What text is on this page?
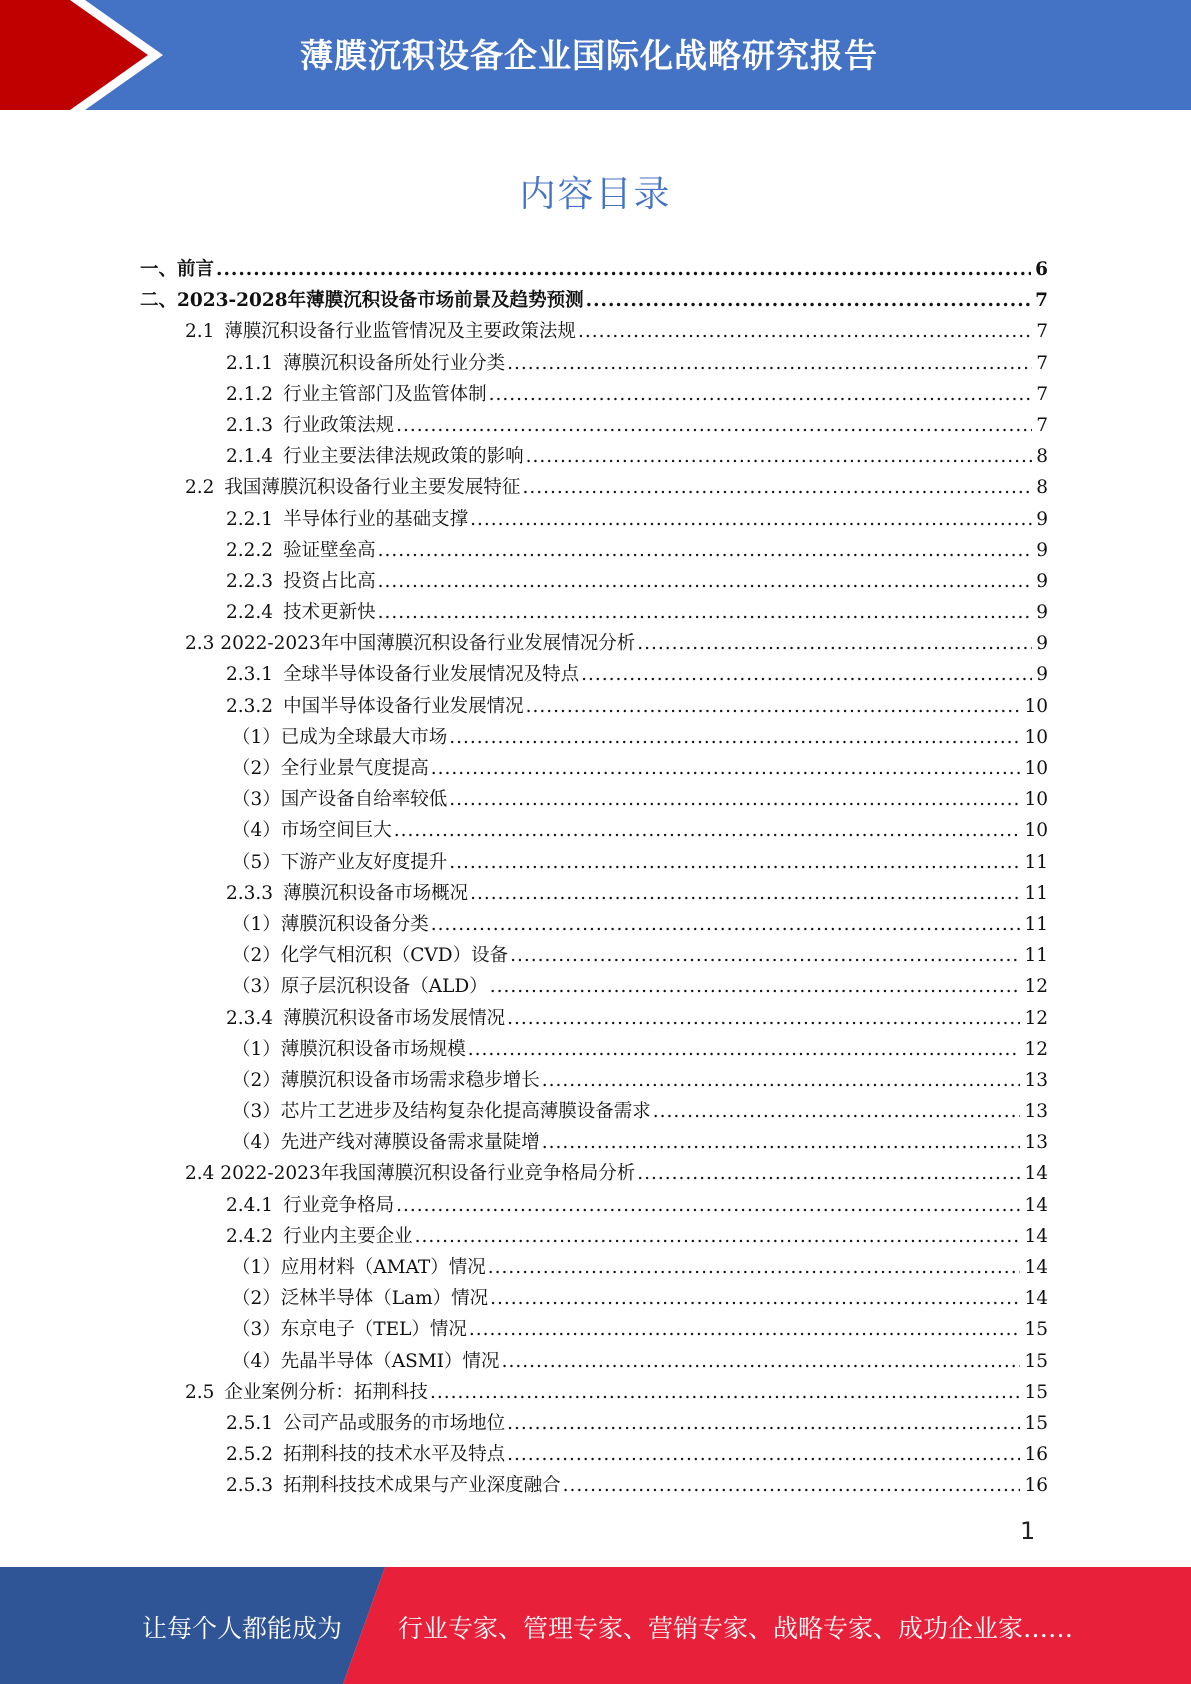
薄膜沉积设备企业国际化战略研究报告
内容目录
一、前言 .....	6
二、2023-2028年薄膜沉积设备市场前景及趋势预测 .....	7
2.1 薄膜沉积设备行业监管情况及主要政策法规 .....	7
2.1.1 薄膜沉积设备所处行业分类 .....	7
2.1.2 行业主管部门及监管体制 .....	7
2.1.3 行业政策法规 .....	7
2.1.4 行业主要法律法规政策的影响 .....	8
2.2 我国薄膜沉积设备行业主要发展特征 .....	8
2.2.1 半导体行业的基础支撑 .....	9
2.2.2 验证壁垒高 .....	9
2.2.3 投资占比高 .....	9
2.2.4 技术更新快 .....	9
2.3 2022-2023年中国薄膜沉积设备行业发展情况分析 .....	9
2.3.1 全球半导体设备行业发展情况及特点 .....	9
2.3.2 中国半导体设备行业发展情况 .....	10
（1）已成为全球最大市场 .....	10
（2）全行业景气度提高 .....	10
（3）国产设备自给率较低 .....	10
（4）市场空间巨大 .....	10
（5）下游产业友好度提升 .....	11
2.3.3 薄膜沉积设备市场概况 .....	11
（1）薄膜沉积设备分类 .....	11
（2）化学气相沉积（CVD）设备 .....	11
（3）原子层沉积设备（ALD） .....	12
2.3.4 薄膜沉积设备市场发展情况 .....	12
（1）薄膜沉积设备市场规模 .....	12
（2）薄膜沉积设备市场需求稳步增长 .....	13
（3）芯片工艺进步及结构复杂化提高薄膜设备需求 .....	13
（4）先进产线对薄膜设备需求量陡增 .....	13
2.4 2022-2023年我国薄膜沉积设备行业竞争格局分析 .....	14
2.4.1 行业竞争格局 .....	14
2.4.2 行业内主要企业 .....	14
（1）应用材料（AMAT）情况 .....	14
（2）泛林半导体（Lam）情况 .....	14
（3）东京电子（TEL）情况 .....	15
（4）先晶半导体（ASMI）情况 .....	15
2.5 企业案例分析：拓荆科技 .....	15
2.5.1 公司产品或服务的市场地位 .....	15
2.5.2 拓荆科技的技术水平及特点 .....	16
2.5.3 拓荆科技技术成果与产业深度融合 .....	16
1
让每个人都能成为 行业专家、管理专家、营销专家、战略专家、成功企业家……
